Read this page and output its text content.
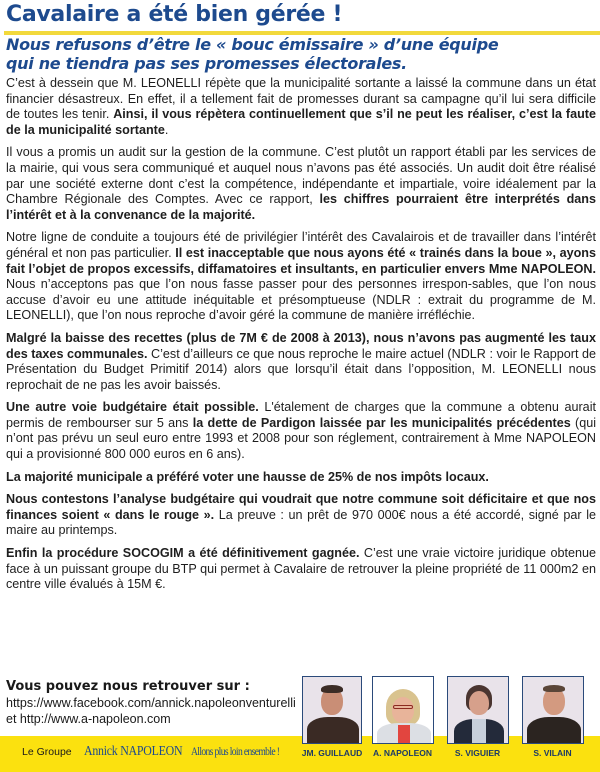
Cavalaire a été bien gérée !
Nous refusons d’être le « bouc émissaire » d’une équipe
qui ne tiendra pas ses promesses électorales.

C’est à dessein que M. LEONELLI répète que la municipalité sortante a laissé la commune dans un état financier désastreux. En effet, il a tellement fait de promesses durant sa campagne qu’il lui sera difficile de toutes les tenir. Ainsi, il vous répètera continuellement que s’il ne peut les réaliser, c’est la faute de la municipalité sortante.

Il vous a promis un audit sur la gestion de la commune. C’est plutôt un rapport établi par les services de la mairie, qui vous sera communiqué et auquel nous n’avons pas été associés. Un audit doit être réalisé par une société externe dont c’est la compétence, indépendante et impartiale, voire idéalement par la Chambre Régionale des Comptes. Avec ce rapport, les chiffres pourraient être interprétés dans l’intérêt et à la convenance de la majorité.

Notre ligne de conduite a toujours été de privilégier l’intérêt des Cavalairois et de travailler dans l’intérêt général et non pas particulier. Il est inacceptable que nous ayons été « trainés dans la boue », ayons fait l’objet de propos excessifs, diffamatoires et insultants, en particulier envers Mme NAPOLEON. Nous n’acceptons pas que l’on nous fasse passer pour des personnes irrespon-sables, que l’on nous accuse d’avoir eu une attitude inéquitable et présomptueuse (NDLR : extrait du programme de M. LEONELLI), que l’on nous reproche d’avoir géré la commune de manière irréfléchie.

Malgré la baisse des recettes (plus de 7M € de 2008 à 2013), nous n’avons pas augmenté les taux des taxes communales. C’est d’ailleurs ce que nous reproche le maire actuel (NDLR : voir le Rapport de Présentation du Budget Primitif 2014) alors que lorsqu’il était dans l’opposition, M. LEONELLI nous reprochait de ne pas les avoir baissés.

Une autre voie budgétaire était possible. L'étalement de charges que la commune a obtenu aurait permis de rembourser sur 5 ans la dette de Pardigon laissée par les municipalités précédentes (qui n’ont pas prévu un seul euro entre 1993 et 2008 pour son réglement, contrairement à Mme NAPOLEON qui a provisionné 800 000 euros en 6 ans).

La majorité municipale a préféré voter une hausse de 25% de nos impôts locaux.

Nous contestons l’analyse budgétaire qui voudrait que notre commune soit déficitaire et que nos finances soient « dans le rouge ». La preuve : un prêt de 970 000€ nous a été accordé, signé par le maire au printemps.

Enfin la procédure SOCOGIM a été définitivement gagnée. C’est une vraie victoire juridique obtenue face à un puissant groupe du BTP qui permet à Cavalaire de retrouver la pleine propriété de 11 000m2 en centre ville évalués à 15M €.

Vous pouvez nous retrouver sur :
https://www.facebook.com/annick.napoleonventurelli
et http://www.a-napoleon.com
Le Groupe Annick NAPOLEON Allons plus loin ensemble !	JM. GUILLAUD A. NAPOLEON	S. VIGUIER	S. VILAIN
